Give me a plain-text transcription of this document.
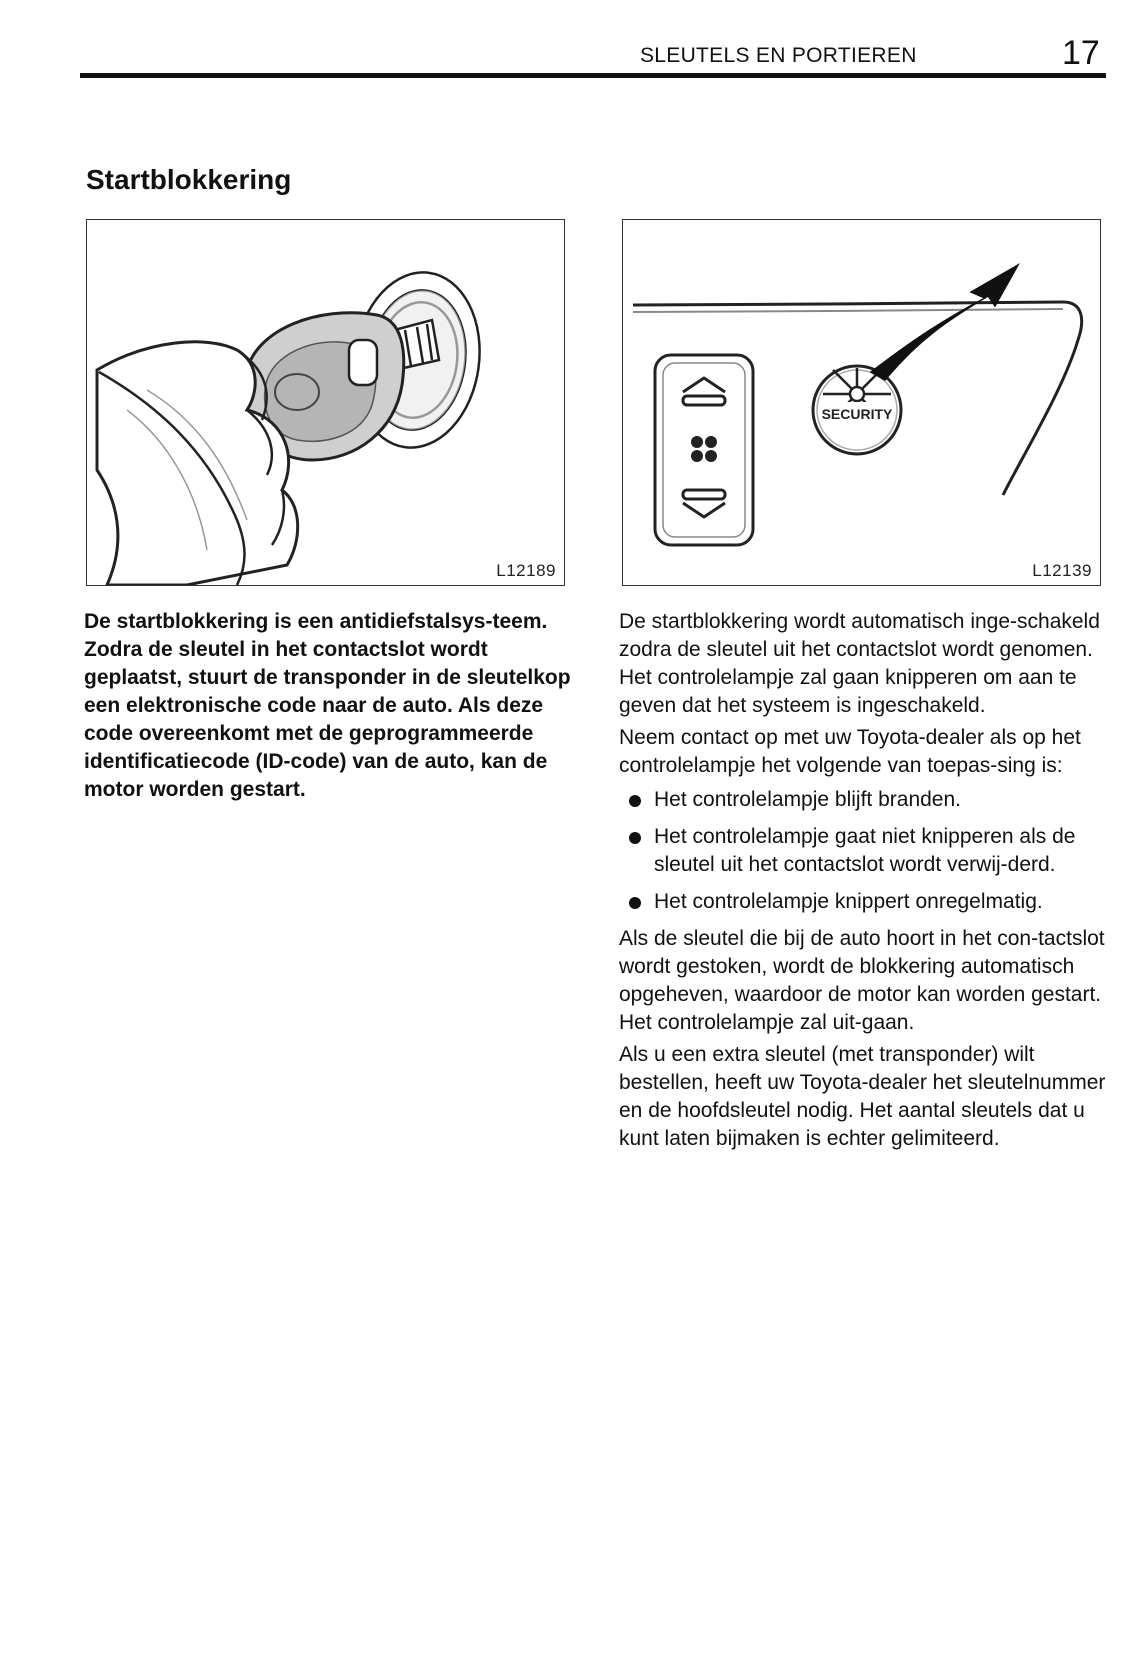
SLEUTELS EN PORTIEREN	17
Startblokkering
L12189
SECURITY
L12139

De startblokkering is een antidiefstalsys-teem. Zodra de sleutel in het contactslot wordt geplaatst, stuurt de transponder in de sleutelkop een elektronische code naar de auto. Als deze code overeenkomt met de geprogrammeerde identificatiecode (ID-code) van de auto, kan de motor worden gestart.

De startblokkering wordt automatisch inge-schakeld zodra de sleutel uit het contactslot wordt genomen. Het controlelampje zal gaan knipperen om aan te geven dat het systeem is ingeschakeld.

Neem contact op met uw Toyota-dealer als op het controlelampje het volgende van toepas-sing is:

Het controlelampje blijft branden.
Het controlelampje gaat niet knipperen als de sleutel uit het contactslot wordt verwij-derd.
Het controlelampje knippert onregelmatig.

Als de sleutel die bij de auto hoort in het con-tactslot wordt gestoken, wordt de blokkering automatisch opgeheven, waardoor de motor kan worden gestart. Het controlelampje zal uit-gaan.

Als u een extra sleutel (met transponder) wilt bestellen, heeft uw Toyota-dealer het sleutelnummer en de hoofdsleutel nodig. Het aantal sleutels dat u kunt laten bijmaken is echter gelimiteerd.
